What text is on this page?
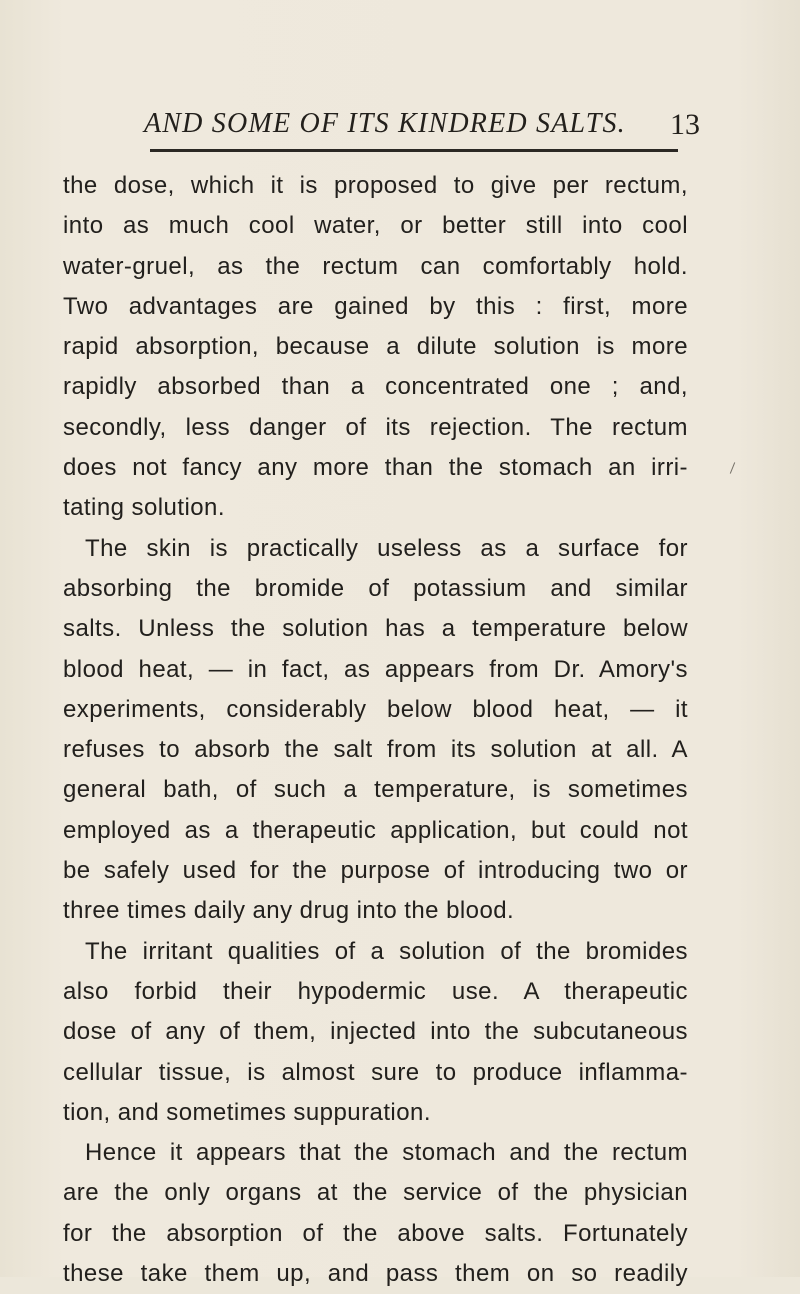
AND SOME OF ITS KINDRED SALTS. 13
the dose, which it is proposed to give per rectum,
into as much cool water, or better still into cool
water-gruel, as the rectum can comfortably hold.
Two advantages are gained by this : first, more
rapid absorption, because a dilute solution is more
rapidly absorbed than a concentrated one ; and,
secondly, less danger of its rejection. The rectum
does not fancy any more than the stomach an irri-
tating solution.
The skin is practically useless as a surface for
absorbing the bromide of potassium and similar
salts. Unless the solution has a temperature below
blood heat, — in fact, as appears from Dr. Amory's
experiments, considerably below blood heat, — it
refuses to absorb the salt from its solution at all. A
general bath, of such a temperature, is sometimes
employed as a therapeutic application, but could not
be safely used for the purpose of introducing two or
three times daily any drug into the blood.
The irritant qualities of a solution of the bromides
also forbid their hypodermic use. A therapeutic
dose of any of them, injected into the subcutaneous
cellular tissue, is almost sure to produce inflamma-
tion, and sometimes suppuration.
Hence it appears that the stomach and the rectum
are the only organs at the service of the physician
for the absorption of the above salts. Fortunately
these take them up, and pass them on so readily
